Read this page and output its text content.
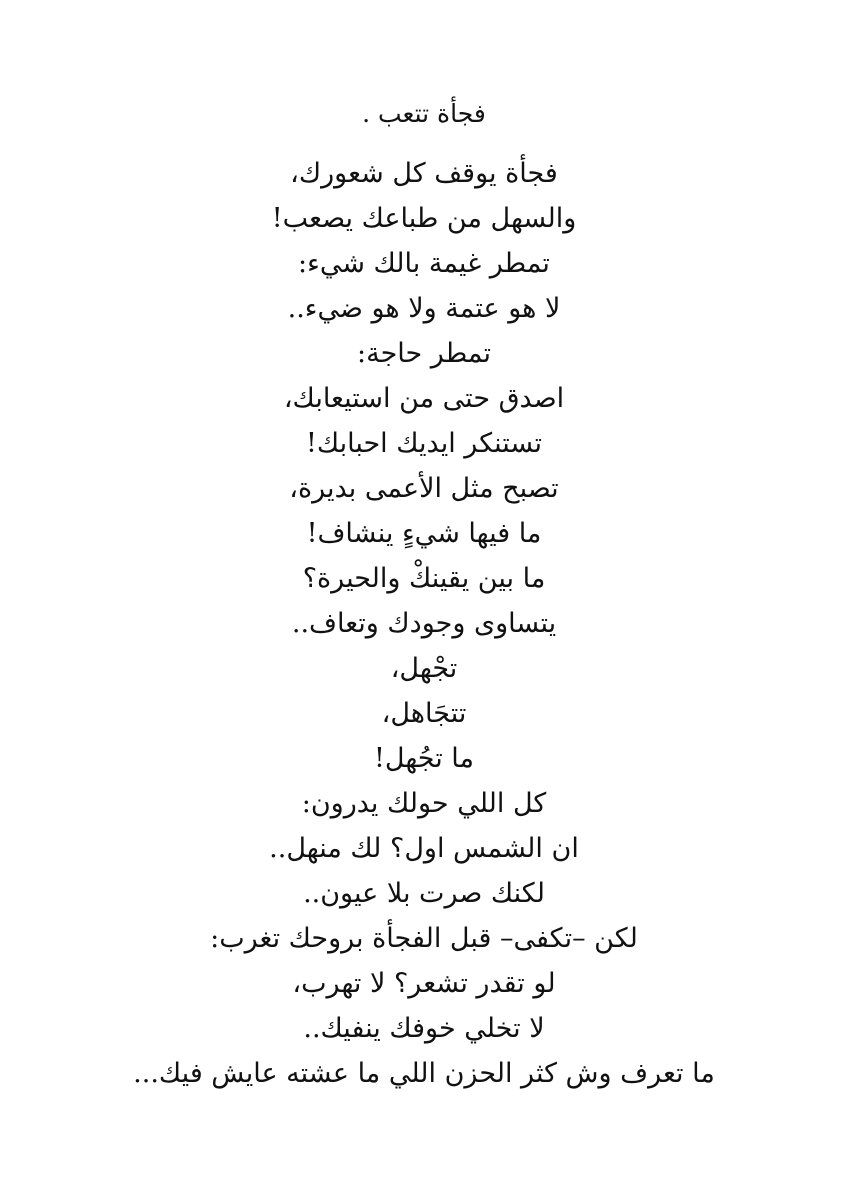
فجأة تتعب .
فجأة يوقف كل شعورك،
والسهل من طباعك يصعب!
تمطر غيمة بالك شيء:
لا هو عتمة ولا هو ضيء..
تمطر حاجة:
اصدق حتى من استيعابك،
تستنكر ايديك احبابك!
تصبح مثل الأعمى بديرة،
ما فيها شيءٍ ينشاف!
ما بين يقينكْ والحيرة؟
يتساوى وجودك وتعاف..
تجْهل،
تتجَاهل،
ما تجُهل!
كل اللي حولك يدرون:
ان الشمس اول؟ لك منهل..
لكنك صرت بلا عيون..
لكن –تكفى– قبل الفجأة بروحك تغرب:
لو تقدر تشعر؟ لا تهرب،
لا تخلي خوفك ينفيك..
ما تعرف وش كثر الحزن اللي ما عشته عايش فيك...
